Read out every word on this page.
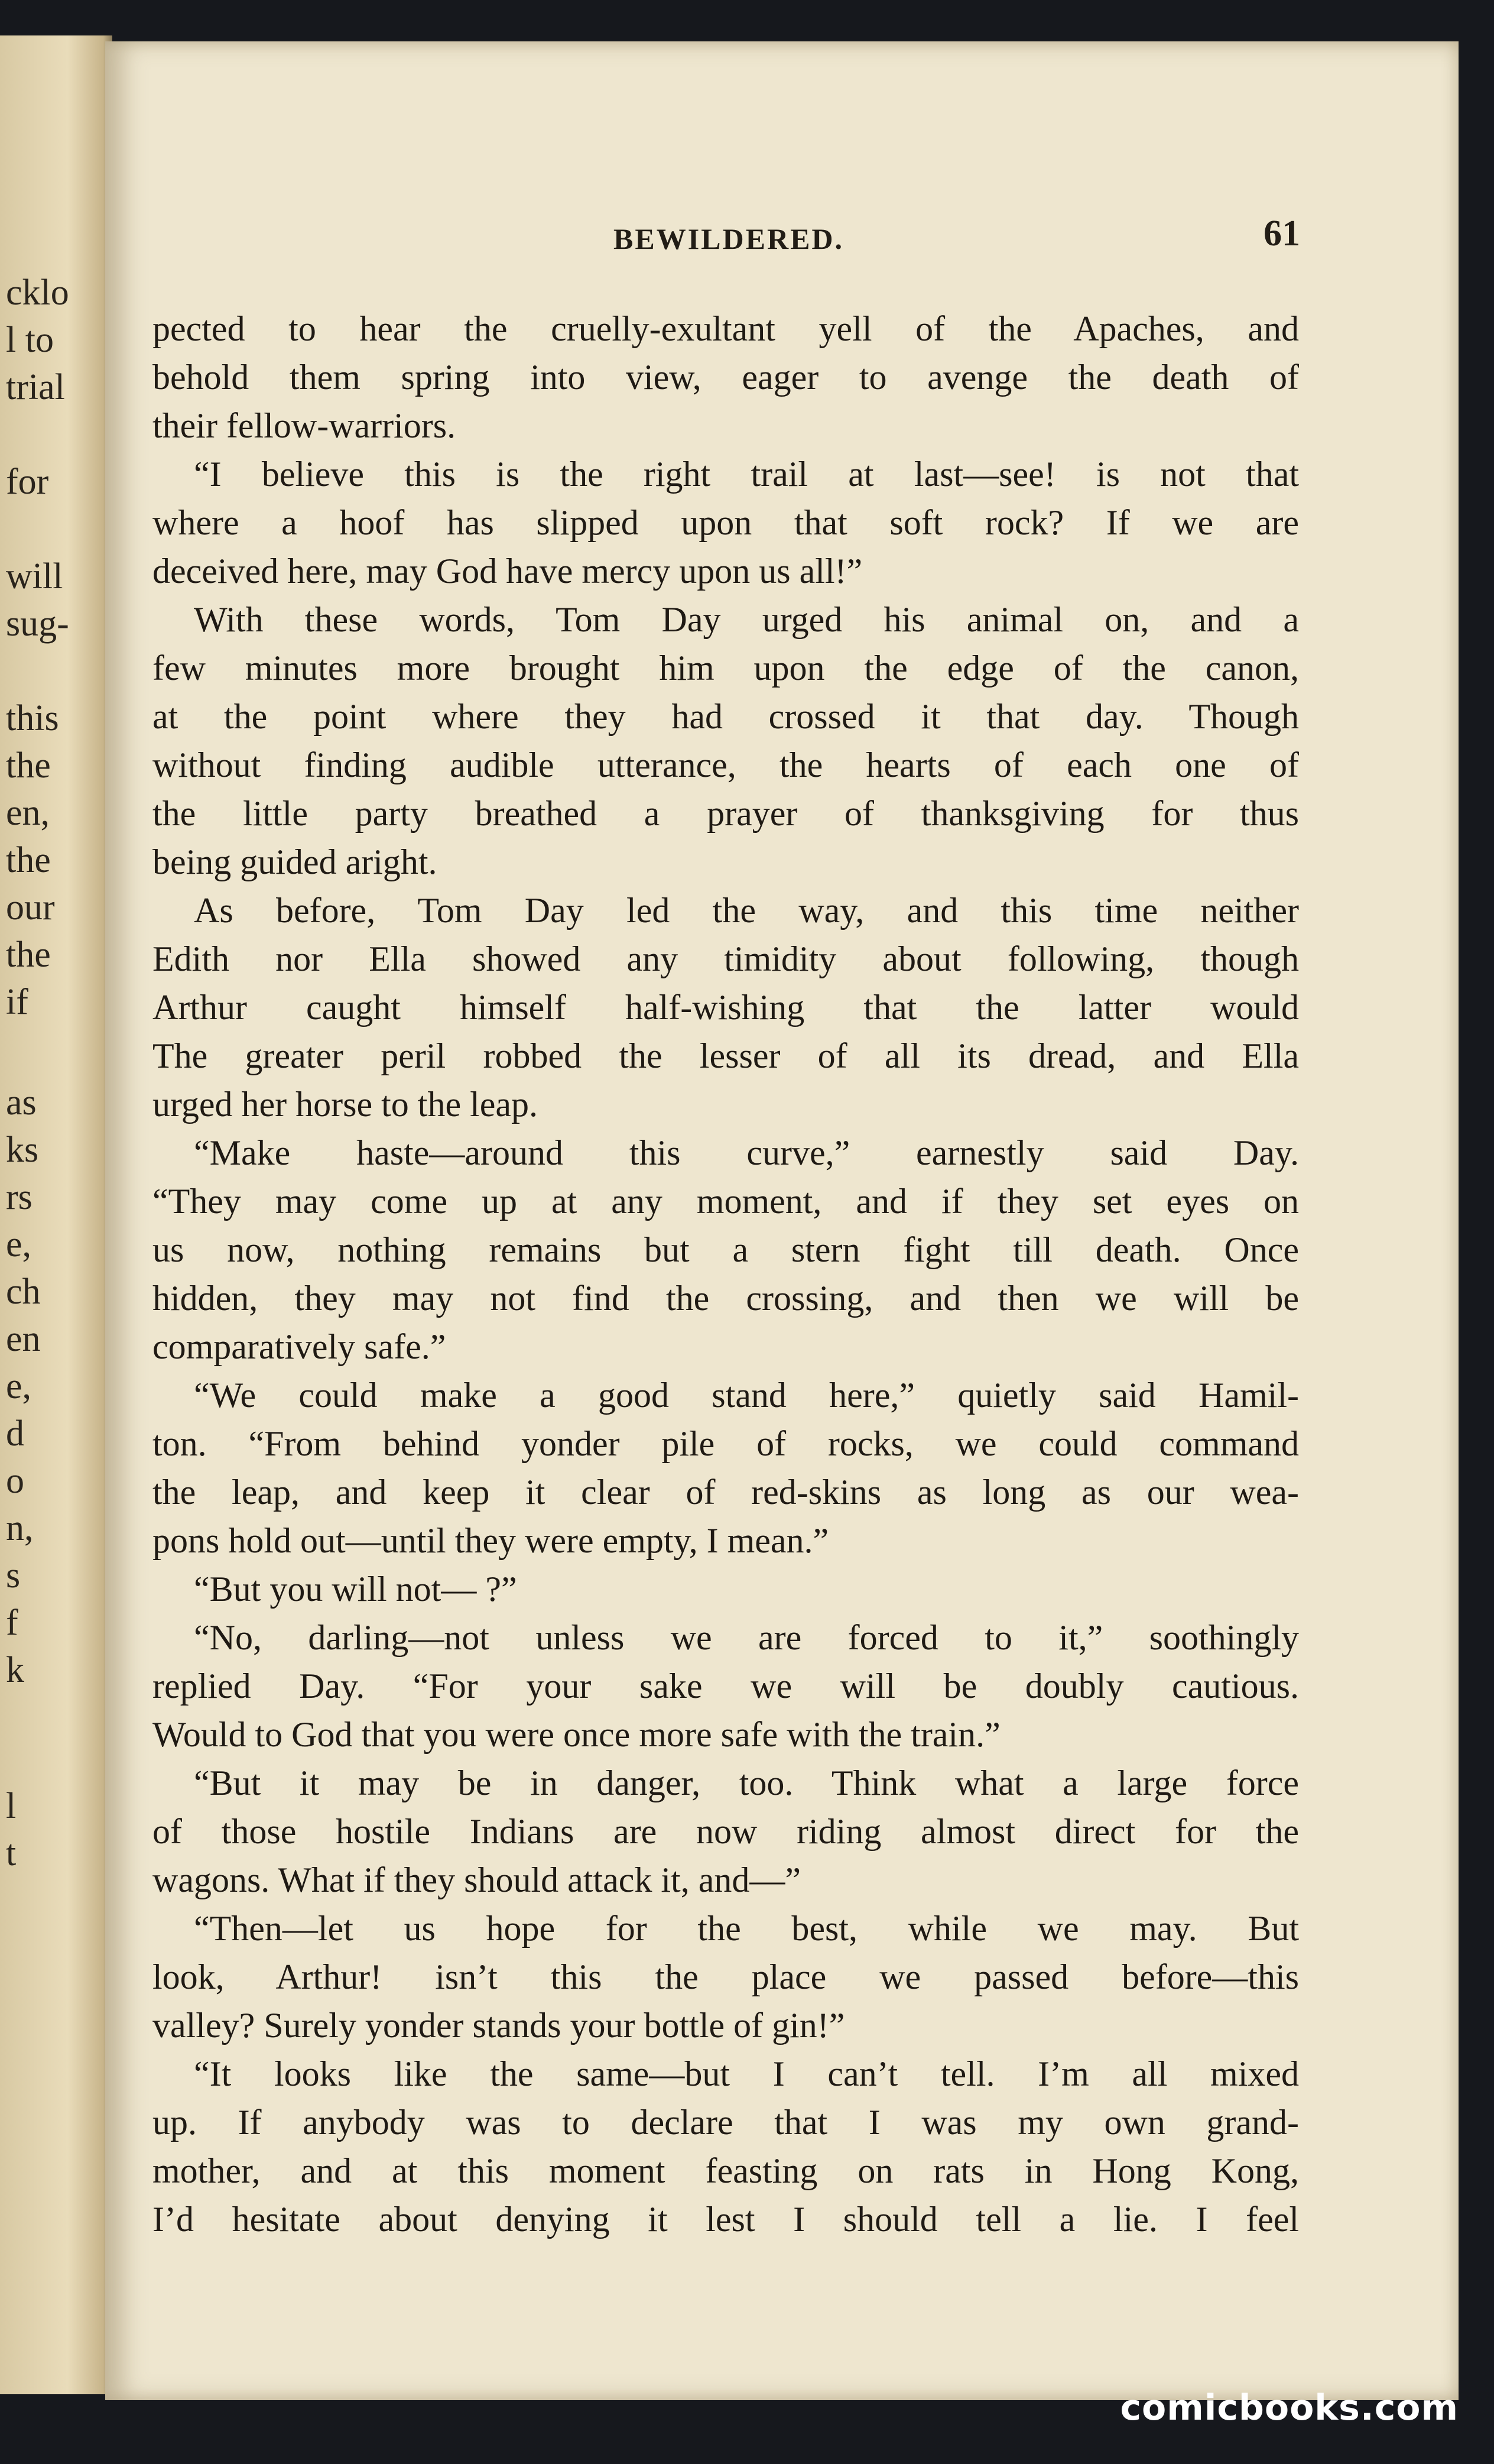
cklo
l to
trial
for
will
sug-
this
the
en,
the
our
the
if
as
ks
rs
e,
ch
en
e,
d
o
n,
s
f
k
l
t
BEWILDERED.	61
pected to hear the cruelly-exultant yell of the Apaches, and
behold them spring into view, eager to avenge the death of
their fellow-warriors.
“I believe this is the right trail at last—see! is not that
where a hoof has slipped upon that soft rock? If we are
deceived here, may God have mercy upon us all!”
With these words, Tom Day urged his animal on, and a
few minutes more brought him upon the edge of the canon,
at the point where they had crossed it that day. Though
without finding audible utterance, the hearts of each one of
the little party breathed a prayer of thanksgiving for thus
being guided aright.
As before, Tom Day led the way, and this time neither
Edith nor Ella showed any timidity about following, though
Arthur caught himself half-wishing that the latter would
The greater peril robbed the lesser of all its dread, and Ella
urged her horse to the leap.
“Make haste—around this curve,” earnestly said Day.
“They may come up at any moment, and if they set eyes on
us now, nothing remains but a stern fight till death. Once
hidden, they may not find the crossing, and then we will be
comparatively safe.”
“We could make a good stand here,” quietly said Hamil-
ton. “From behind yonder pile of rocks, we could command
the leap, and keep it clear of red-skins as long as our wea-
pons hold out—until they were empty, I mean.”
“But you will not— ?”
“No, darling—not unless we are forced to it,” soothingly
replied Day. “For your sake we will be doubly cautious.
Would to God that you were once more safe with the train.”
“But it may be in danger, too. Think what a large force
of those hostile Indians are now riding almost direct for the
wagons. What if they should attack it, and—”
“Then—let us hope for the best, while we may. But
look, Arthur! isn’t this the place we passed before—this
valley? Surely yonder stands your bottle of gin!”
“It looks like the same—but I can’t tell. I’m all mixed
up. If anybody was to declare that I was my own grand-
mother, and at this moment feasting on rats in Hong Kong,
I’d hesitate about denying it lest I should tell a lie. I feel
comicbooks.com
